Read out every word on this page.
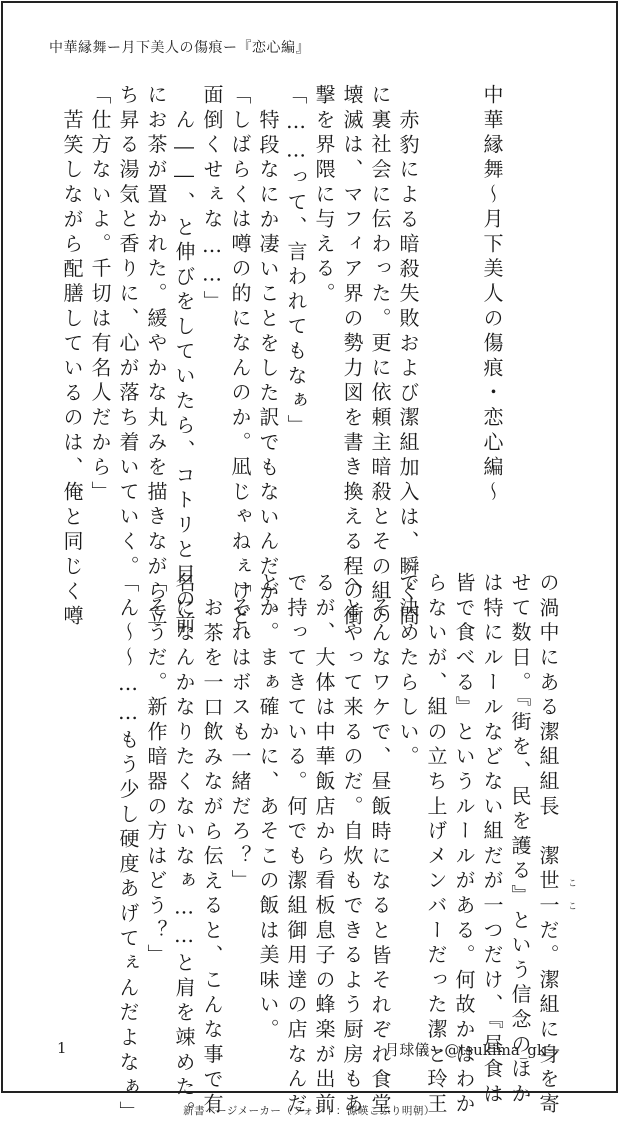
中華縁舞ー月下美人の傷痕ー『恋心編』
中華縁舞～月下美人の傷痕・恋心編～
赤豹による暗殺失敗および潔組加入は、瞬く間
に裏社会に伝わった。更に依頼主暗殺とその組の
壊滅は、マフィア界の勢力図を書き換える程の衝
撃を界隈に与える。
「……って、言われてもなぁ」
特段なにか凄いことをした訳でもないんだが。
「しばらくは噂の的になんのか。凪じゃねぇけど、
面倒くせぇな……」
ん――、と伸びをしていたら、コトリと目の前
にお茶が置かれた。緩やかな丸みを描きながら立
ち昇る湯気と香りに、心が落ち着いていく。
「仕方ないよ。千切は有名人だから」
苦笑しながら配膳しているのは、俺と同じく噂
の渦中にある潔組組長　潔世一だ。潔組に身を寄
せて数日。『街を、民を護る』という信念のほか
は特にルールなどない組だが一つだけ、『昼食は
皆で食べる』というルールがある。何故かはわか
らないが、組の立ち上げメンバーだった潔と玲王
で決めたらしい。
そんなワケで、昼飯時になると皆それぞれ食堂
へとやって来るのだ。自炊もできるよう厨房もあ
るが、大体は中華飯店から看板息子の蜂楽が出前
で持ってきている。何でも潔組御用達の店なんだ
とか。まぁ確かに、あそこの飯は美味い。
「それはボスも一緒だろ？」
お茶を一口飲みながら伝えると、こんな事で有
名になんかなりたくないなぁ……と肩を竦めた。
「そうだ。新作暗器の方はどう？」
「ん～～……もう少し硬度あげてぇんだよなぁ」	ここ
1	月球儀ー@tsukima_gkー
新書ページメーカー（フォント：源暎こぶり明朝）
